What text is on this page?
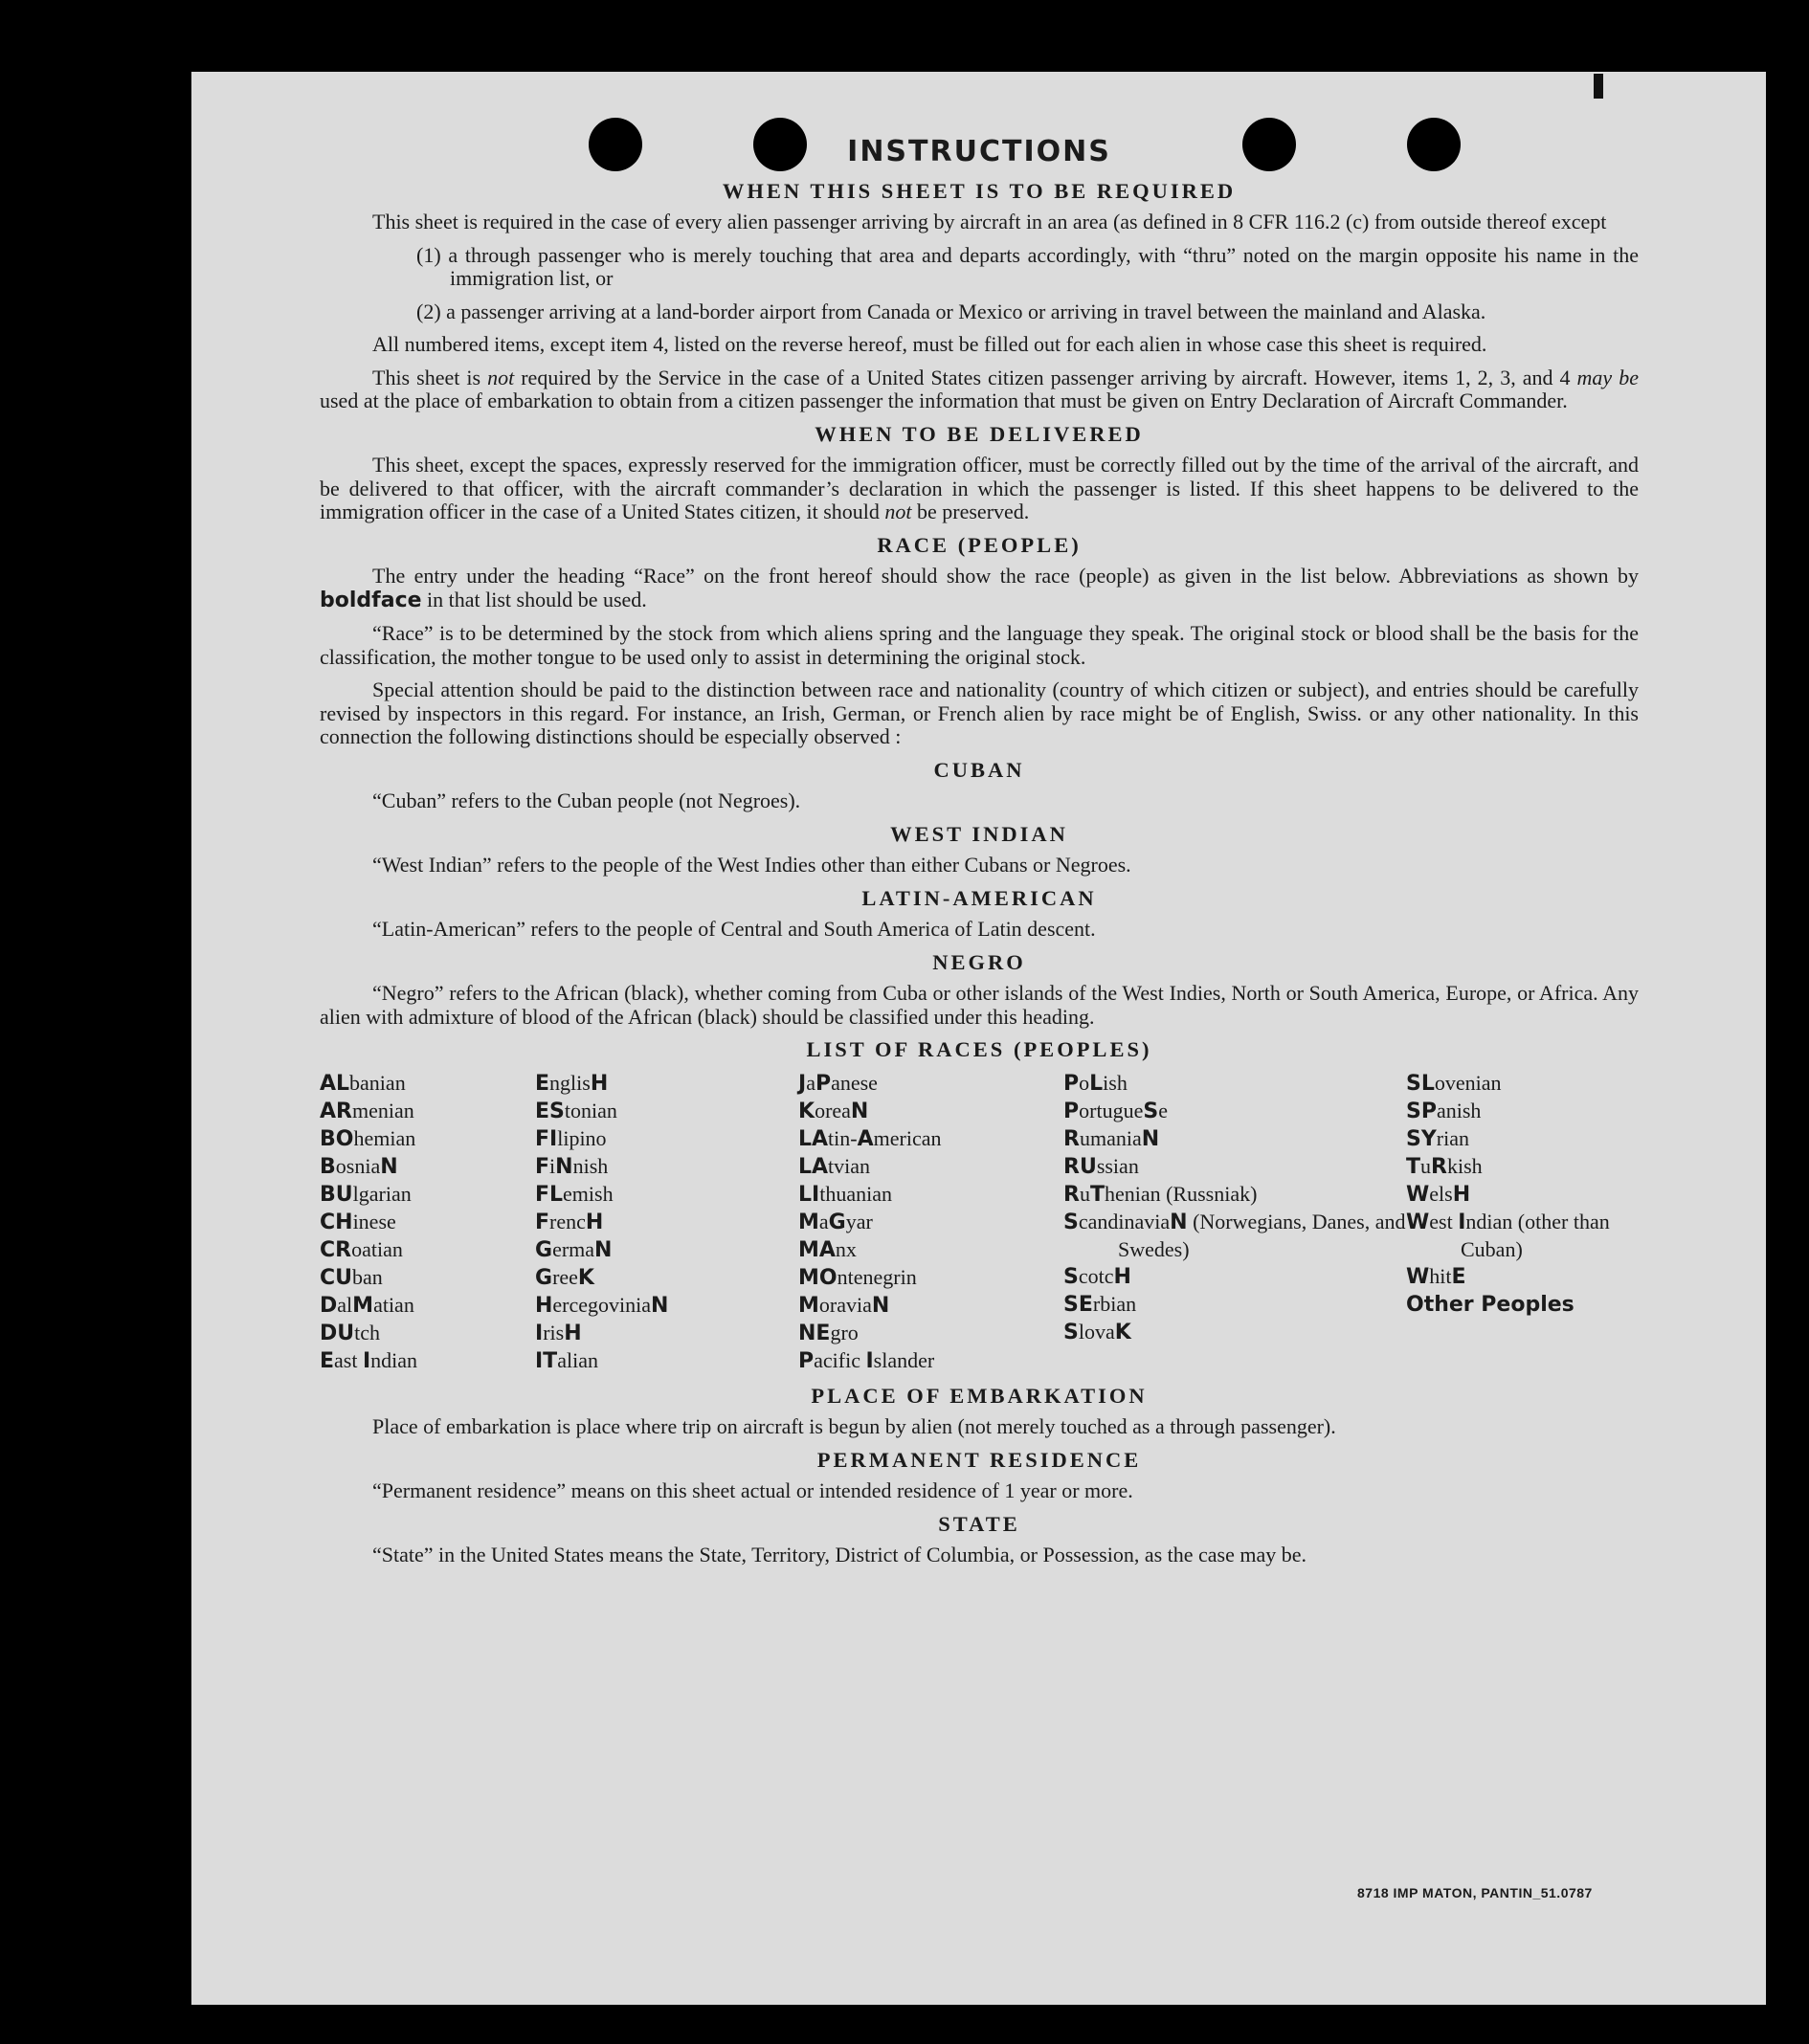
INSTRUCTIONS
WHEN THIS SHEET IS TO BE REQUIRED

This sheet is required in the case of every alien passenger arriving by aircraft in an area (as defined in 8 CFR 116.2 (c) from outside thereof except

(1) a through passenger who is merely touching that area and departs accordingly, with “thru” noted on the margin opposite his name in the immigration list, or
(2) a passenger arriving at a land-border airport from Canada or Mexico or arriving in travel between the mainland and Alaska.

All numbered items, except item 4, listed on the reverse hereof, must be filled out for each alien in whose case this sheet is required.

This sheet is not required by the Service in the case of a United States citizen passenger arriving by aircraft. However, items 1, 2, 3, and 4 may be used at the place of embarkation to obtain from a citizen passenger the information that must be given on Entry Declaration of Aircraft Commander.

WHEN TO BE DELIVERED

This sheet, except the spaces, expressly reserved for the immigration officer, must be correctly filled out by the time of the arrival of the aircraft, and be delivered to that officer, with the aircraft commander’s declaration in which the passenger is listed. If this sheet happens to be delivered to the immigration officer in the case of a United States citizen, it should not be preserved.

RACE (PEOPLE)

The entry under the heading “Race” on the front hereof should show the race (people) as given in the list below. Abbreviations as shown by boldface in that list should be used.

“Race” is to be determined by the stock from which aliens spring and the language they speak. The original stock or blood shall be the basis for the classification, the mother tongue to be used only to assist in determining the original stock.

Special attention should be paid to the distinction between race and nationality (country of which citizen or subject), and entries should be carefully revised by inspectors in this regard. For instance, an Irish, German, or French alien by race might be of English, Swiss. or any other nationality. In this connection the following distinctions should be especially observed :

CUBAN

“Cuban” refers to the Cuban people (not Negroes).

WEST INDIAN

“West Indian” refers to the people of the West Indies other than either Cubans or Negroes.

LATIN-AMERICAN

“Latin-American” refers to the people of Central and South America of Latin descent.

NEGRO

“Negro” refers to the African (black), whether coming from Cuba or other islands of the West Indies, North or South America, Europe, or Africa. Any alien with admixture of blood of the African (black) should be classified under this heading.

LIST OF RACES (PEOPLES)
ALbanian
ARmenian
BOhemian
BosniaN
BUlgarian
CHinese
CRoatian
CUban
DalMatian
DUtch
East Indian
EnglisH
EStonian
FIlipino
FiNnish
FLemish
FrencH
GermaN
GreeK
HercegoviniaN
IrisH
ITalian
JaPanese
KoreaN
LAtin-American
LAtvian
LIthuanian
MaGyar
MAnx
MOntenegrin
MoraviaN
NEgro
Pacific Islander
PoLish
PortugueSe
RumaniaN
RUssian
RuThenian (Russniak)
ScandinaviaN (Norwegians, Danes, and Swedes)
ScotcH
SErbian
SlovaK
SLovenian
SPanish
SYrian
TuRkish
WelsH
West Indian (other than Cuban)
WhitE
Other Peoples
PLACE OF EMBARKATION

Place of embarkation is place where trip on aircraft is begun by alien (not merely touched as a through passenger).

PERMANENT RESIDENCE

“Permanent residence” means on this sheet actual or intended residence of 1 year or more.

STATE

“State” in the United States means the State, Territory, District of Columbia, or Possession, as the case may be.

8718 IMP MATON, PANTIN_51.0787
